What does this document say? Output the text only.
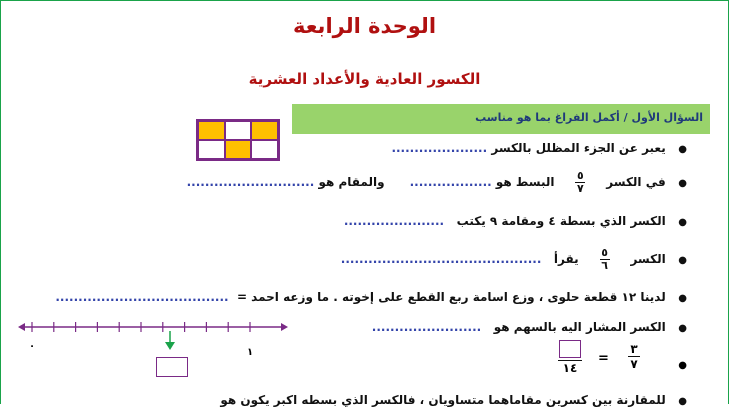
الوحدة الرابعة
الكسور العادية والأعداد العشرية
السؤال الأول / أكمل الفراغ بما هو مناسب
●   يعبر عن الجزء المظلل بالكسر .....................
●   في الكسر
$\frac{٥}{٧}$
البسط هو ..................      والمقام هو ............................
●   الكسر الذي بسطة ٤ ومقامة ٩ يكتب   ......................
●   الكسر
$\frac{٥}{٦}$
يقرأ   ............................................
●   لدينا ١٢ قطعة حلوى ، وزع اسامة ربع القطع على إخوته . ما وزعه احمد =  ......................................
●   الكسر المشار اليه بالسهم هو   ........................
٠
١
●
$\frac{٣}{٧}$
=
١٤
●   للمقارنة بين كسرين مقاماهما متساويان ، فالكسر الذي بسطه اكبر يكون هو
